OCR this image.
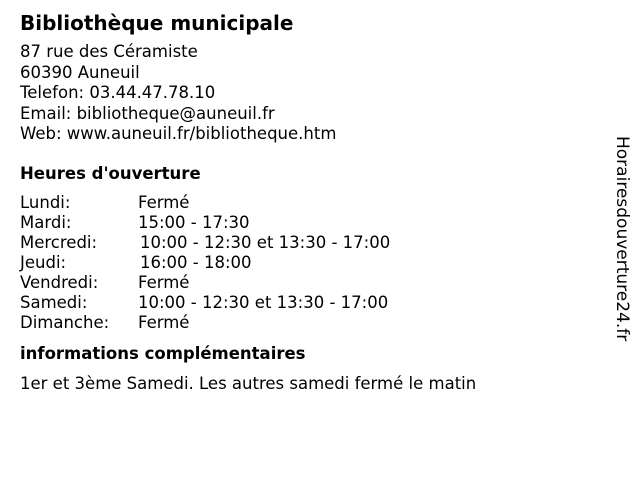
Bibliothèque municipale
87 rue des Céramiste
60390 Auneuil
Telefon: 03.44.47.78.10
Email: bibliotheque@auneuil.fr
Web: www.auneuil.fr/bibliotheque.htm
Heures d'ouverture
Lundi:	Fermé
Mardi:	15:00 - 17:30
Mercredi:	10:00 - 12:30 et 13:30 - 17:00
Jeudi:	16:00 - 18:00
Vendredi:	Fermé
Samedi:	10:00 - 12:30 et 13:30 - 17:00
Dimanche:	Fermé
informations complémentaires
1er et 3ème Samedi. Les autres samedi fermé le matin
Horairesdouverture24.fr
